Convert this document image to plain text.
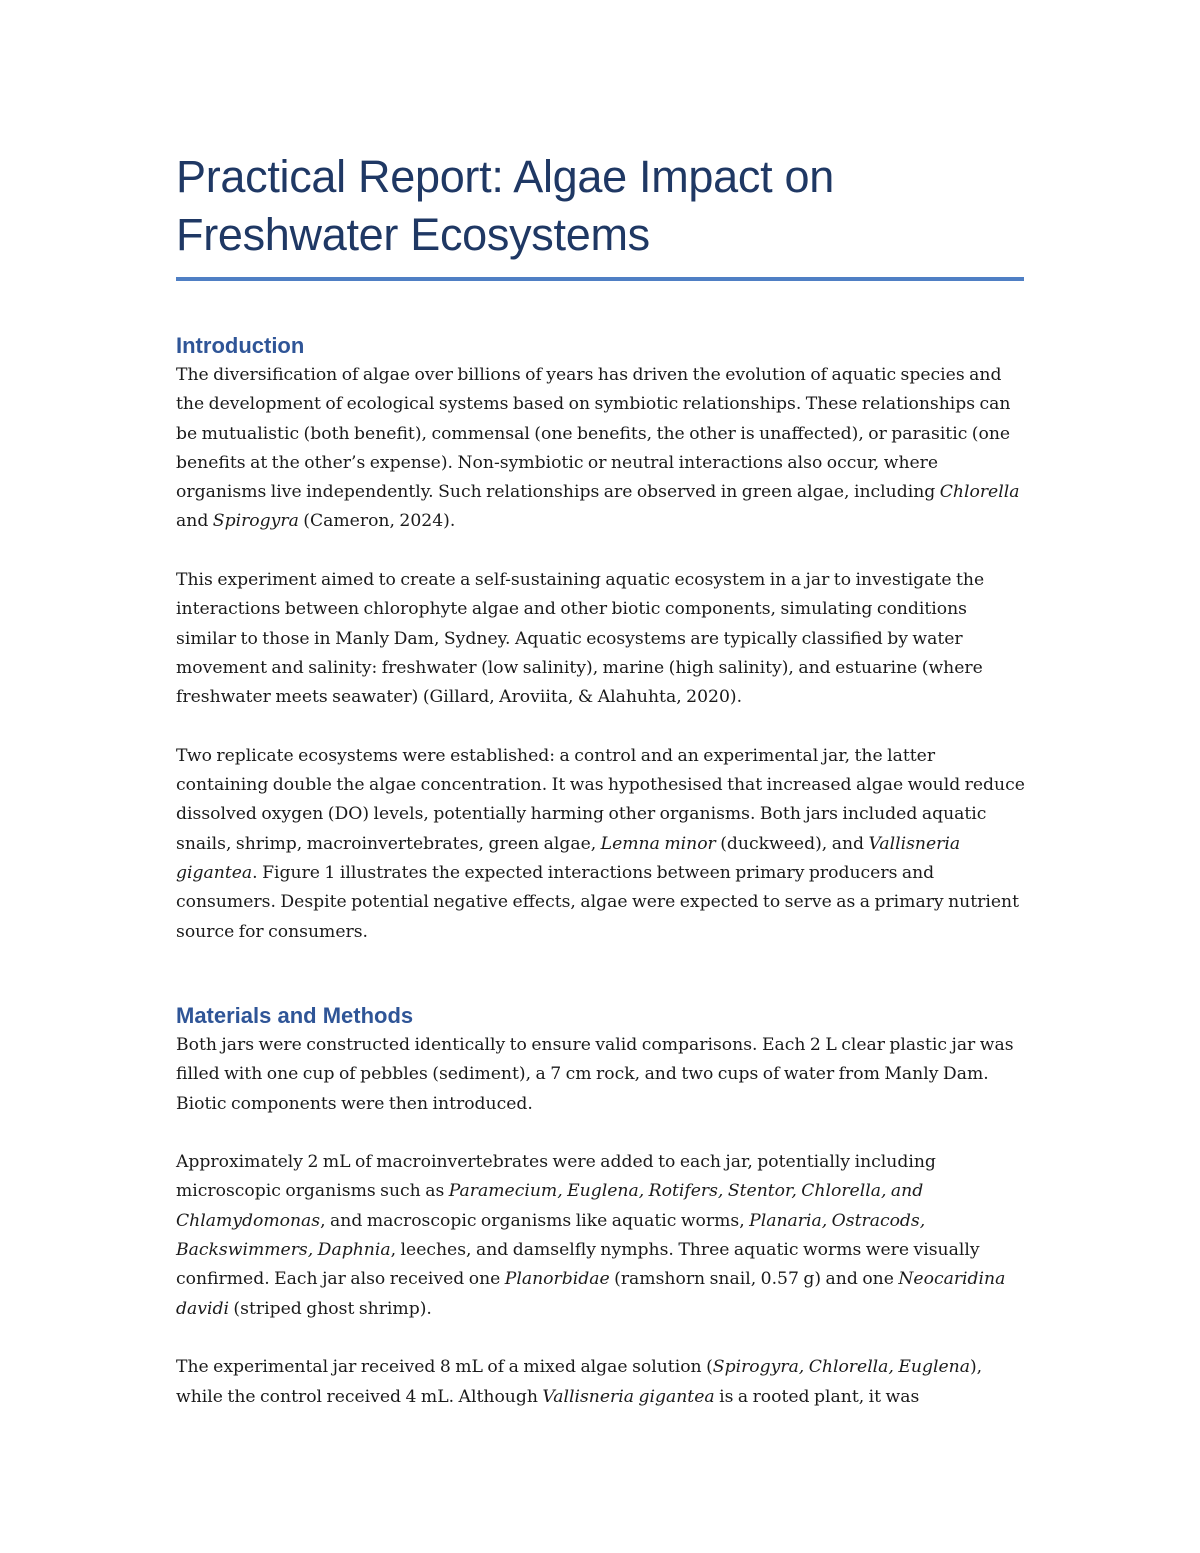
Practical Report: Algae Impact on
Freshwater Ecosystems
Introduction

The diversification of algae over billions of years has driven the evolution of aquatic species and the development of ecological systems based on symbiotic relationships. These relationships can be mutualistic (both benefit), commensal (one benefits, the other is unaffected), or parasitic (one benefits at the other’s expense). Non-symbiotic or neutral interactions also occur, where organisms live independently. Such relationships are observed in green algae, including Chlorella and Spirogyra (Cameron, 2024).

This experiment aimed to create a self-sustaining aquatic ecosystem in a jar to investigate the interactions between chlorophyte algae and other biotic components, simulating conditions similar to those in Manly Dam, Sydney. Aquatic ecosystems are typically classified by water movement and salinity: freshwater (low salinity), marine (high salinity), and estuarine (where freshwater meets seawater) (Gillard, Aroviita, & Alahuhta, 2020).

Two replicate ecosystems were established: a control and an experimental jar, the latter containing double the algae concentration. It was hypothesised that increased algae would reduce dissolved oxygen (DO) levels, potentially harming other organisms. Both jars included aquatic snails, shrimp, macroinvertebrates, green algae, Lemna minor (duckweed), and Vallisneria gigantea. Figure 1 illustrates the expected interactions between primary producers and consumers. Despite potential negative effects, algae were expected to serve as a primary nutrient source for consumers.

Materials and Methods

Both jars were constructed identically to ensure valid comparisons. Each 2 L clear plastic jar was filled with one cup of pebbles (sediment), a 7 cm rock, and two cups of water from Manly Dam. Biotic components were then introduced.

Approximately 2 mL of macroinvertebrates were added to each jar, potentially including microscopic organisms such as Paramecium, Euglena, Rotifers, Stentor, Chlorella, and Chlamydomonas, and macroscopic organisms like aquatic worms, Planaria, Ostracods, Backswimmers, Daphnia, leeches, and damselfly nymphs. Three aquatic worms were visually confirmed. Each jar also received one Planorbidae (ramshorn snail, 0.57 g) and one Neocaridina davidi (striped ghost shrimp).

The experimental jar received 8 mL of a mixed algae solution (Spirogyra, Chlorella, Euglena), while the control received 4 mL. Although Vallisneria gigantea is a rooted plant, it was
